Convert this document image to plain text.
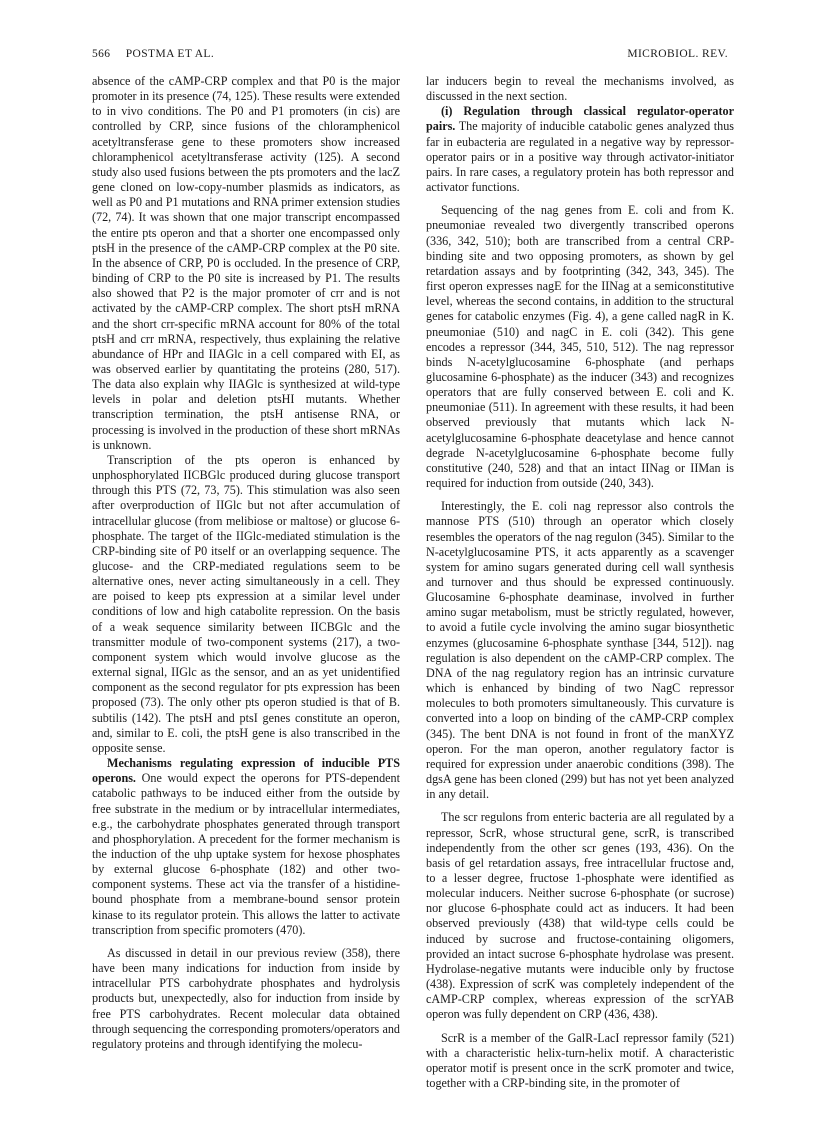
566 POSTMA ET AL.	MICROBIOL. REV.

absence of the cAMP-CRP complex and that P0 is the major promoter in its presence (74, 125). These results were extended to in vivo conditions. The P0 and P1 promoters (in cis) are controlled by CRP, since fusions of the chloramphenicol acetyltransferase gene to these promoters show increased chloramphenicol acetyltransferase activity (125). A second study also used fusions between the pts promoters and the lacZ gene cloned on low-copy-number plasmids as indicators, as well as P0 and P1 mutations and RNA primer extension studies (72, 74). It was shown that one major transcript encompassed the entire pts operon and that a shorter one encompassed only ptsH in the presence of the cAMP-CRP complex at the P0 site. In the absence of CRP, P0 is occluded. In the presence of CRP, binding of CRP to the P0 site is increased by P1. The results also showed that P2 is the major promoter of crr and is not activated by the cAMP-CRP complex. The short ptsH mRNA and the short crr-specific mRNA account for 80% of the total ptsH and crr mRNA, respectively, thus explaining the relative abundance of HPr and IIAGlc in a cell compared with EI, as was observed earlier by quantitating the proteins (280, 517). The data also explain why IIAGlc is synthesized at wild-type levels in polar and deletion ptsHI mutants. Whether transcription termination, the ptsH antisense RNA, or processing is involved in the production of these short mRNAs is unknown.

Transcription of the pts operon is enhanced by unphosphorylated IICBGlc produced during glucose transport through this PTS (72, 73, 75). This stimulation was also seen after overproduction of IIGlc but not after accumulation of intracellular glucose (from melibiose or maltose) or glucose 6-phosphate. The target of the IIGlc-mediated stimulation is the CRP-binding site of P0 itself or an overlapping sequence. The glucose- and the CRP-mediated regulations seem to be alternative ones, never acting simultaneously in a cell. They are poised to keep pts expression at a similar level under conditions of low and high catabolite repression. On the basis of a weak sequence similarity between IICBGlc and the transmitter module of two-component systems (217), a two-component system which would involve glucose as the external signal, IIGlc as the sensor, and an as yet unidentified component as the second regulator for pts expression has been proposed (73). The only other pts operon studied is that of B. subtilis (142). The ptsH and ptsI genes constitute an operon, and, similar to E. coli, the ptsH gene is also transcribed in the opposite sense.

Mechanisms regulating expression of inducible PTS operons. One would expect the operons for PTS-dependent catabolic pathways to be induced either from the outside by free substrate in the medium or by intracellular intermediates, e.g., the carbohydrate phosphates generated through transport and phosphorylation. A precedent for the former mechanism is the induction of the uhp uptake system for hexose phosphates by external glucose 6-phosphate (182) and other two-component systems. These act via the transfer of a histidine-bound phosphate from a membrane-bound sensor protein kinase to its regulator protein. This allows the latter to activate transcription from specific promoters (470).

As discussed in detail in our previous review (358), there have been many indications for induction from inside by intracellular PTS carbohydrate phosphates and hydrolysis products but, unexpectedly, also for induction from inside by free PTS carbohydrates. Recent molecular data obtained through sequencing the corresponding promoters/operators and regulatory proteins and through identifying the molecu-

lar inducers begin to reveal the mechanisms involved, as discussed in the next section.

(i) Regulation through classical regulator-operator pairs. The majority of inducible catabolic genes analyzed thus far in eubacteria are regulated in a negative way by repressor-operator pairs or in a positive way through activator-initiator pairs. In rare cases, a regulatory protein has both repressor and activator functions.

Sequencing of the nag genes from E. coli and from K. pneumoniae revealed two divergently transcribed operons (336, 342, 510); both are transcribed from a central CRP-binding site and two opposing promoters, as shown by gel retardation assays and by footprinting (342, 343, 345). The first operon expresses nagE for the IINag at a semiconstitutive level, whereas the second contains, in addition to the structural genes for catabolic enzymes (Fig. 4), a gene called nagR in K. pneumoniae (510) and nagC in E. coli (342). This gene encodes a repressor (344, 345, 510, 512). The nag repressor binds N-acetylglucosamine 6-phosphate (and perhaps glucosamine 6-phosphate) as the inducer (343) and recognizes operators that are fully conserved between E. coli and K. pneumoniae (511). In agreement with these results, it had been observed previously that mutants which lack N-acetylglucosamine 6-phosphate deacetylase and hence cannot degrade N-acetylglucosamine 6-phosphate become fully constitutive (240, 528) and that an intact IINag or IIMan is required for induction from outside (240, 343).

Interestingly, the E. coli nag repressor also controls the mannose PTS (510) through an operator which closely resembles the operators of the nag regulon (345). Similar to the N-acetylglucosamine PTS, it acts apparently as a scavenger system for amino sugars generated during cell wall synthesis and turnover and thus should be expressed continuously. Glucosamine 6-phosphate deaminase, involved in further amino sugar metabolism, must be strictly regulated, however, to avoid a futile cycle involving the amino sugar biosynthetic enzymes (glucosamine 6-phosphate synthase [344, 512]). nag regulation is also dependent on the cAMP-CRP complex. The DNA of the nag regulatory region has an intrinsic curvature which is enhanced by binding of two NagC repressor molecules to both promoters simultaneously. This curvature is converted into a loop on binding of the cAMP-CRP complex (345). The bent DNA is not found in front of the manXYZ operon. For the man operon, another regulatory factor is required for expression under anaerobic conditions (398). The dgsA gene has been cloned (299) but has not yet been analyzed in any detail.

The scr regulons from enteric bacteria are all regulated by a repressor, ScrR, whose structural gene, scrR, is transcribed independently from the other scr genes (193, 436). On the basis of gel retardation assays, free intracellular fructose and, to a lesser degree, fructose 1-phosphate were identified as molecular inducers. Neither sucrose 6-phosphate (or sucrose) nor glucose 6-phosphate could act as inducers. It had been observed previously (438) that wild-type cells could be induced by sucrose and fructose-containing oligomers, provided an intact sucrose 6-phosphate hydrolase was present. Hydrolase-negative mutants were inducible only by fructose (438). Expression of scrK was completely independent of the cAMP-CRP complex, whereas expression of the scrYAB operon was fully dependent on CRP (436, 438).

ScrR is a member of the GalR-LacI repressor family (521) with a characteristic helix-turn-helix motif. A characteristic operator motif is present once in the scrK promoter and twice, together with a CRP-binding site, in the promoter of
